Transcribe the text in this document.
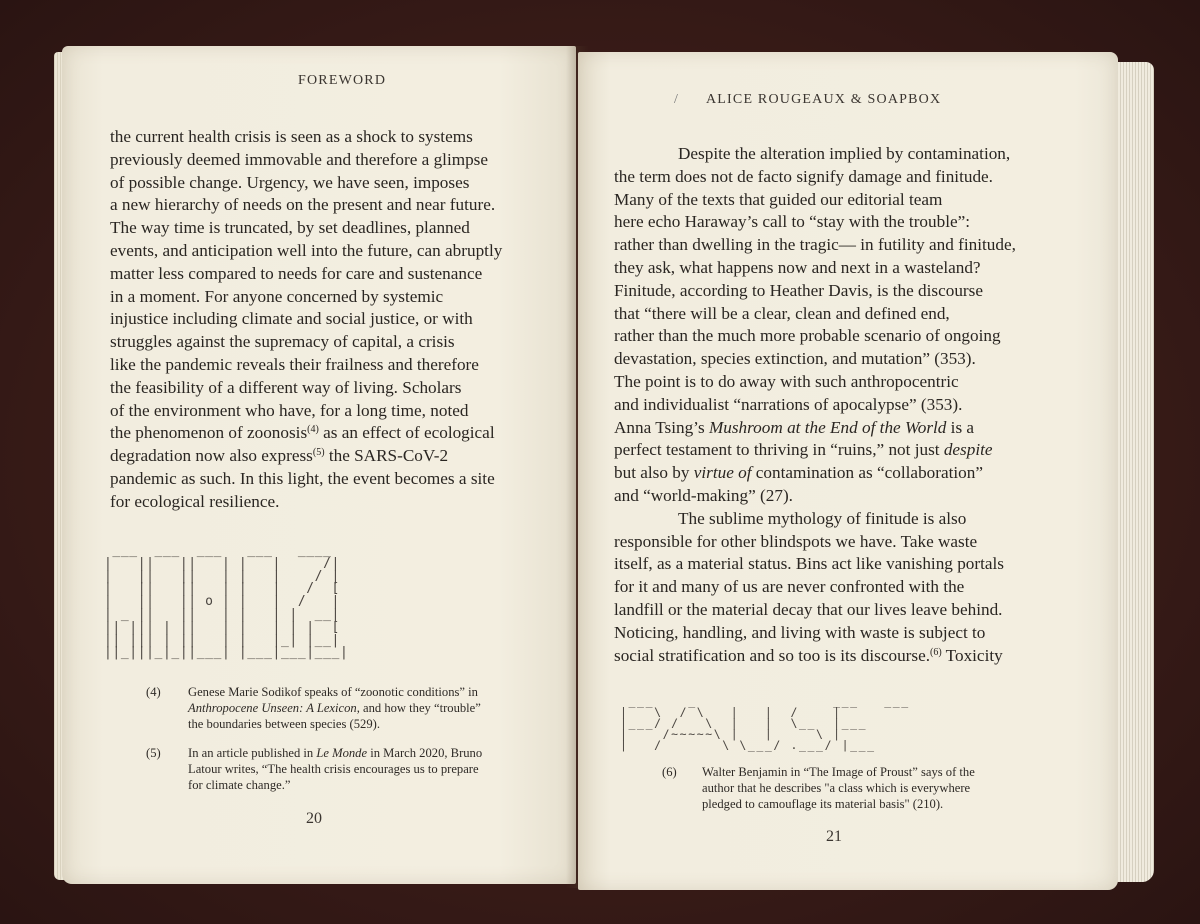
FOREWORD
the current health crisis is seen as a shock to systems
previously deemed immovable and therefore a glimpse
of possible change. Urgency, we have seen, imposes
a new hierarchy of needs on the present and near future.
The way time is truncated, by set deadlines, planned
events, and anticipation well into the future, can abruptly
matter less compared to needs for care and sustenance
in a moment. For anyone concerned by systemic
injustice including climate and social justice, or with
struggles against the supremacy of capital, a crisis
like the pandemic reveals their frailness and therefore
the feasibility of a different way of living. Scholars
of the environment who have, for a long time, noted
the phenomenon of zoonosis$^{(4)}$ as an effect of ecological
degradation now also express$^{(5)}$ the SARS-CoV-2
pandemic as such. In this light, the event becomes a site
for ecological resilience.
___  ___  ___   ___   ____
|   ||   ||   | |   |     /|
|   ||   ||   | |   |    / |
|   ||   ||   | |   |   /  [
|   ||   || o | |   |  /   |
| _ ||   ||   | |   | |  __|
|| ||| | ||   | |   | | |  [
|| ||| | ||   | |   |_| |__|
||_|||_|_||___| |___|___|___|
(4) Genese Marie Sodikof speaks of “zoonotic conditions” in
Anthropocene Unseen: A Lexicon, and how they “trouble”
the boundaries between species (529).
(5) In an article published in Le Monde in March 2020, Bruno
Latour writes, “The health crisis encourages us to prepare
for climate change.”
20
/ ALICE ROUGEAUX & SOAPBOX
Despite the alteration implied by contamination,
the term does not de facto signify damage and finitude.
Many of the texts that guided our editorial team
here echo Haraway’s call to “stay with the trouble”:
rather than dwelling in the tragic— in futility and finitude,
they ask, what happens now and next in a wasteland?
Finitude, according to Heather Davis, is the discourse
that “there will be a clear, clean and defined end,
rather than the much more probable scenario of ongoing
devastation, species extinction, and mutation” (353).
The point is to do away with such anthropocentric
and individualist “narrations of apocalypse” (353).
Anna Tsing’s Mushroom at the End of the World is a
perfect testament to thriving in “ruins,” not just despite
but also by virtue of contamination as “collaboration”
and “world-making” (27).
The sublime mythology of finitude is also
responsible for other blindspots we have. Take waste
itself, as a material status. Bins act like vanishing portals
for it and many of us are never confronted with the
landfill or the material decay that our lives leave behind.
Noticing, handling, and living with waste is subject to
social stratification and so too is its discourse.$^{(6)}$ Toxicity
___    _                ___   ___
|   \  / \   |   |  /    |
|___/ /   \  |   |  \__  |___
|    /~~~~~\ |   |     \ |
|   /       \ \___/ .___/ |___
(6) Walter Benjamin in “The Image of Proust” says of the
author that he describes "a class which is everywhere
pledged to camouflage its material basis" (210).
21
